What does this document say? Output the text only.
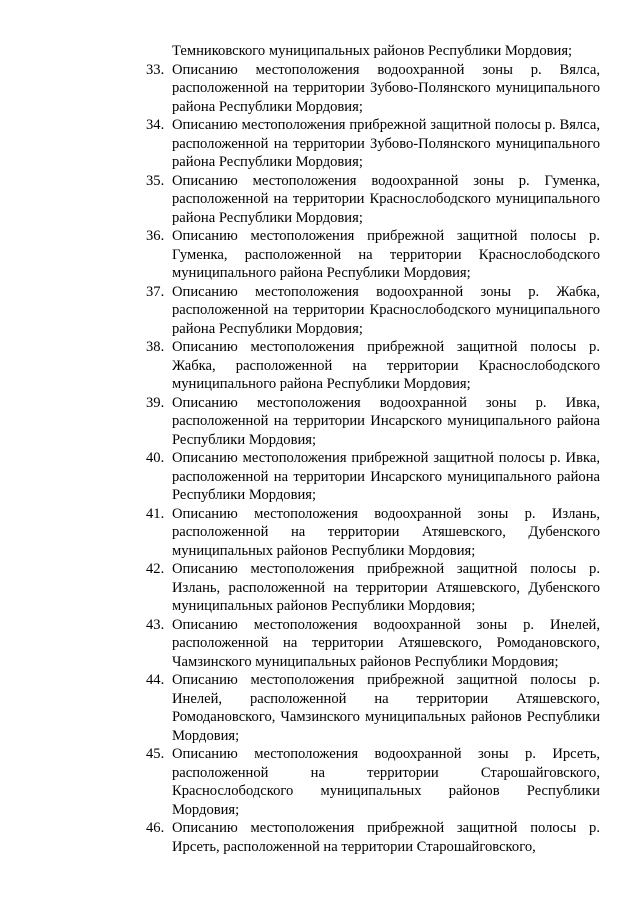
Темниковского муниципальных районов Республики Мордовия;
33. Описанию местоположения водоохранной зоны р. Вялса, расположенной на территории Зубово-Полянского муниципального района Республики Мордовия;
34. Описанию местоположения прибрежной защитной полосы р. Вялса, расположенной на территории Зубово-Полянского муниципального района Республики Мордовия;
35. Описанию местоположения водоохранной зоны р. Гуменка, расположенной на территории Краснослободского муниципального района Республики Мордовия;
36. Описанию местоположения прибрежной защитной полосы р. Гуменка, расположенной на территории Краснослободского муниципального района Республики Мордовия;
37. Описанию местоположения водоохранной зоны р. Жабка, расположенной на территории Краснослободского муниципального района Республики Мордовия;
38. Описанию местоположения прибрежной защитной полосы р. Жабка, расположенной на территории Краснослободского муниципального района Республики Мордовия;
39. Описанию местоположения водоохранной зоны р. Ивка, расположенной на территории Инсарского муниципального района Республики Мордовия;
40. Описанию местоположения прибрежной защитной полосы р. Ивка, расположенной на территории Инсарского муниципального района Республики Мордовия;
41. Описанию местоположения водоохранной зоны р. Излань, расположенной на территории Атяшевского, Дубенского муниципальных районов Республики Мордовия;
42. Описанию местоположения прибрежной защитной полосы р. Излань, расположенной на территории Атяшевского, Дубенского муниципальных районов Республики Мордовия;
43. Описанию местоположения водоохранной зоны р. Инелей, расположенной на территории Атяшевского, Ромодановского, Чамзинского муниципальных районов Республики Мордовия;
44. Описанию местоположения прибрежной защитной полосы р. Инелей, расположенной на территории Атяшевского, Ромодановского, Чамзинского муниципальных районов Республики Мордовия;
45. Описанию местоположения водоохранной зоны р. Ирсеть, расположенной на территории Старошайговского, Краснослободского муниципальных районов Республики Мордовия;
46. Описанию местоположения прибрежной защитной полосы р. Ирсеть, расположенной на территории Старошайговского,
